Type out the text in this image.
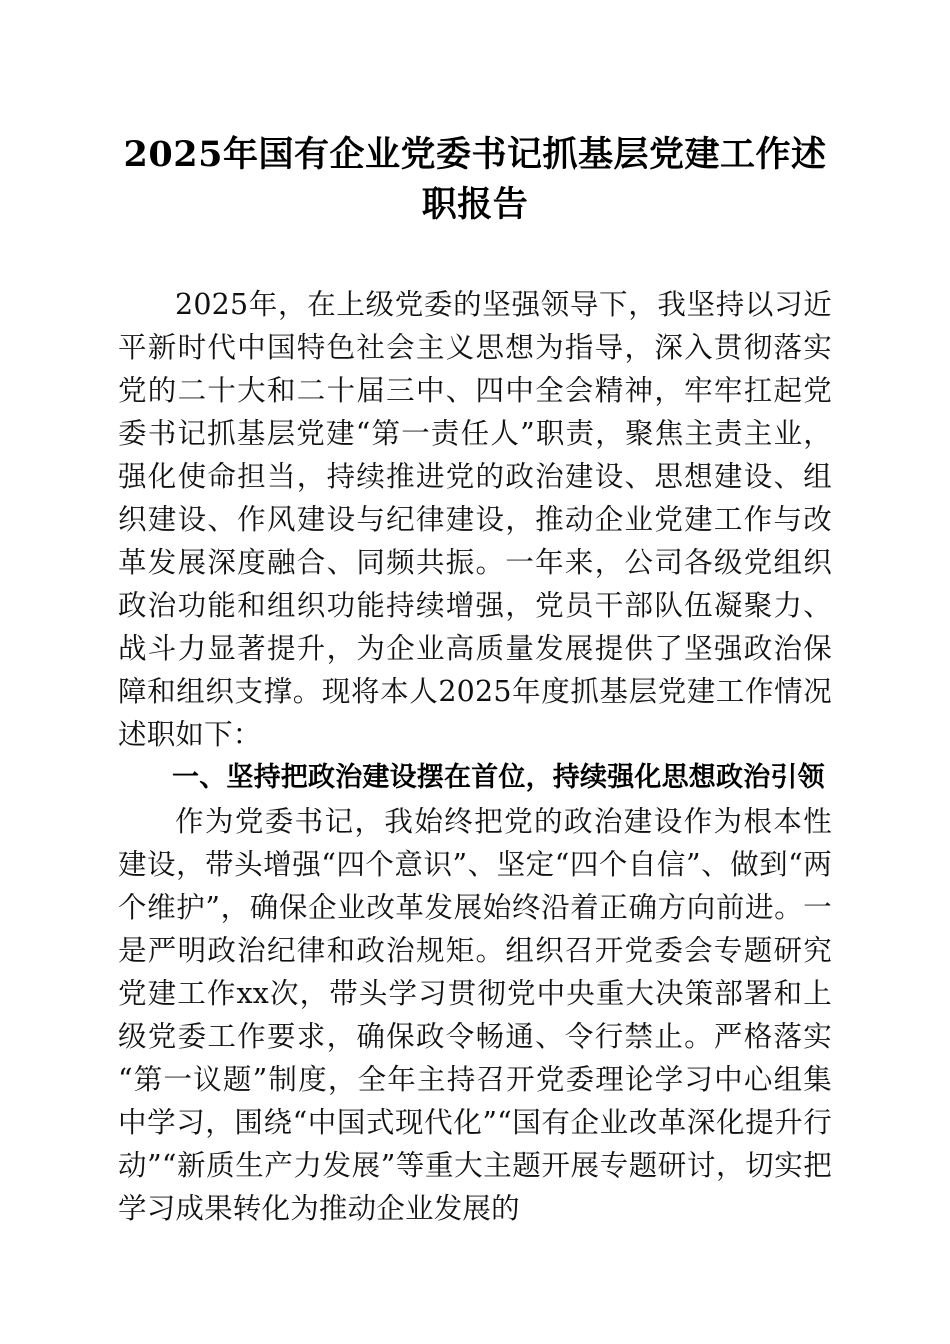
2025年国有企业党委书记抓基层党建工作述职报告

2025年，在上级党委的坚强领导下，我坚持以习近平新时代中国特色社会主义思想为指导，深入贯彻落实党的二十大和二十届三中、四中全会精神，牢牢扛起党委书记抓基层党建“第一责任人”职责，聚焦主责主业，强化使命担当，持续推进党的政治建设、思想建设、组织建设、作风建设与纪律建设，推动企业党建工作与改革发展深度融合、同频共振。一年来，公司各级党组织政治功能和组织功能持续增强，党员干部队伍凝聚力、战斗力显著提升，为企业高质量发展提供了坚强政治保障和组织支撑。现将本人2025年度抓基层党建工作情况述职如下：

一、坚持把政治建设摆在首位，持续强化思想政治引领

作为党委书记，我始终把党的政治建设作为根本性建设，带头增强“四个意识”、坚定“四个自信”、做到“两个维护”，确保企业改革发展始终沿着正确方向前进。一是严明政治纪律和政治规矩。组织召开党委会专题研究党建工作xx次，带头学习贯彻党中央重大决策部署和上级党委工作要求，确保政令畅通、令行禁止。严格落实“第一议题”制度，全年主持召开党委理论学习中心组集中学习，围绕“中国式现代化”“国有企业改革深化提升行动”“新质生产力发展”等重大主题开展专题研讨，切实把学习成果转化为推动企业发展的
